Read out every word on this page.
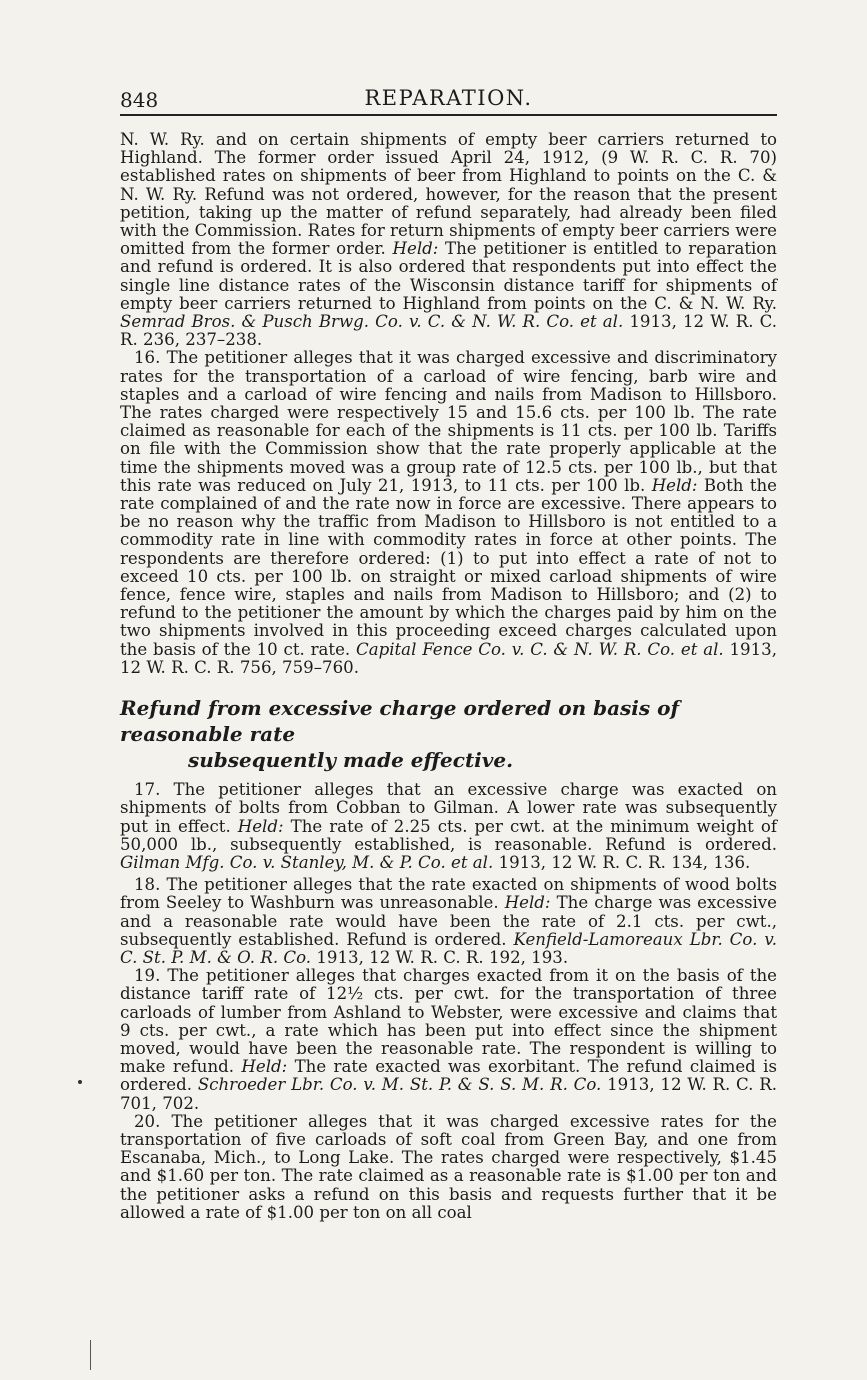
848	REPARATION.

N. W. Ry. and on certain shipments of empty beer carriers returned to Highland. The former order issued April 24, 1912, (9 W. R. C. R. 70) established rates on shipments of beer from Highland to points on the C. & N. W. Ry. Refund was not ordered, however, for the reason that the present petition, taking up the matter of refund separately, had already been filed with the Commission. Rates for return shipments of empty beer carriers were omitted from the former order. Held: The petitioner is entitled to reparation and refund is ordered. It is also ordered that respondents put into effect the single line distance rates of the Wisconsin distance tariff for shipments of empty beer carriers returned to Highland from points on the C. & N. W. Ry. Semrad Bros. & Pusch Brwg. Co. v. C. & N. W. R. Co. et al. 1913, 12 W. R. C. R. 236, 237–238.

16. The petitioner alleges that it was charged excessive and discriminatory rates for the transportation of a carload of wire fencing, barb wire and staples and a carload of wire fencing and nails from Madison to Hillsboro. The rates charged were respectively 15 and 15.6 cts. per 100 lb. The rate claimed as reasonable for each of the shipments is 11 cts. per 100 lb. Tariffs on file with the Commission show that the rate properly applicable at the time the shipments moved was a group rate of 12.5 cts. per 100 lb., but that this rate was reduced on July 21, 1913, to 11 cts. per 100 lb. Held: Both the rate complained of and the rate now in force are excessive. There appears to be no reason why the traffic from Madison to Hillsboro is not entitled to a commodity rate in line with commodity rates in force at other points. The respondents are therefore ordered: (1) to put into effect a rate of not to exceed 10 cts. per 100 lb. on straight or mixed carload shipments of wire fence, fence wire, staples and nails from Madison to Hillsboro; and (2) to refund to the petitioner the amount by which the charges paid by him on the two shipments involved in this proceeding exceed charges calculated upon the basis of the 10 ct. rate. Capital Fence Co. v. C. & N. W. R. Co. et al. 1913, 12 W. R. C. R. 756, 759–760.

Refund from excessive charge ordered on basis of reasonable rate
subsequently made effective.

17. The petitioner alleges that an excessive charge was exacted on shipments of bolts from Cobban to Gilman. A lower rate was subsequently put in effect. Held: The rate of 2.25 cts. per cwt. at the minimum weight of 50,000 lb., subsequently established, is reasonable. Refund is ordered. Gilman Mfg. Co. v. Stanley, M. & P. Co. et al. 1913, 12 W. R. C. R. 134, 136.

18. The petitioner alleges that the rate exacted on shipments of wood bolts from Seeley to Washburn was unreasonable. Held: The charge was excessive and a reasonable rate would have been the rate of 2.1 cts. per cwt., subsequently established. Refund is ordered. Kenfield-Lamoreaux Lbr. Co. v. C. St. P. M. & O. R. Co. 1913, 12 W. R. C. R. 192, 193.

19. The petitioner alleges that charges exacted from it on the basis of the distance tariff rate of 12½ cts. per cwt. for the transportation of three carloads of lumber from Ashland to Webster, were excessive and claims that 9 cts. per cwt., a rate which has been put into effect since the shipment moved, would have been the reasonable rate. The respondent is willing to make refund. Held: The rate exacted was exorbitant. The refund claimed is ordered. Schroeder Lbr. Co. v. M. St. P. & S. S. M. R. Co. 1913, 12 W. R. C. R. 701, 702.

20. The petitioner alleges that it was charged excessive rates for the transportation of five carloads of soft coal from Green Bay, and one from Escanaba, Mich., to Long Lake. The rates charged were respectively, $1.45 and $1.60 per ton. The rate claimed as a reasonable rate is $1.00 per ton and the petitioner asks a refund on this basis and requests further that it be allowed a rate of $1.00 per ton on all coal
